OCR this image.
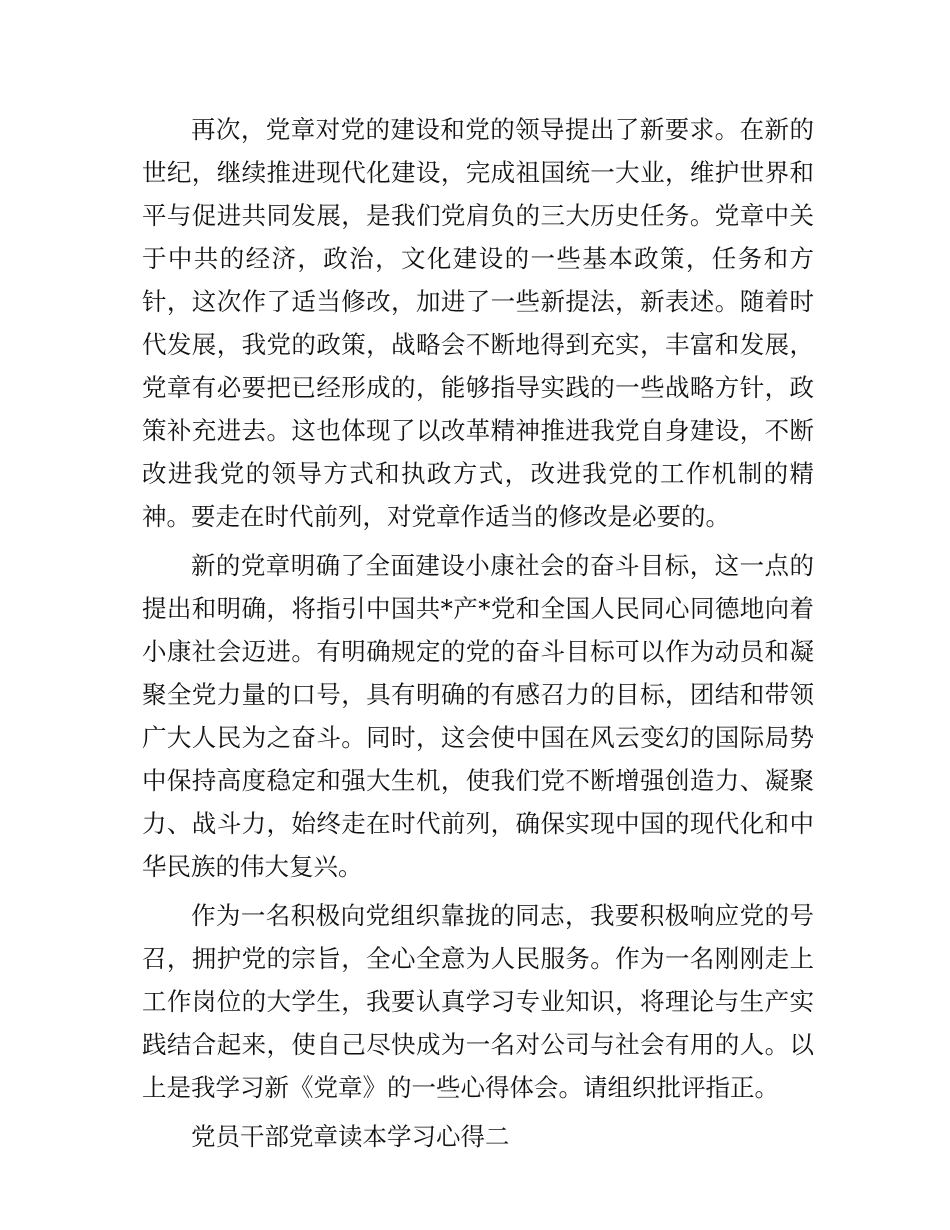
再次，党章对党的建设和党的领导提出了新要求。在新的
世纪，继续推进现代化建设，完成祖国统一大业，维护世界和
平与促进共同发展，是我们党肩负的三大历史任务。党章中关
于中共的经济，政治，文化建设的一些基本政策，任务和方
针，这次作了适当修改，加进了一些新提法，新表述。随着时
代发展，我党的政策，战略会不断地得到充实，丰富和发展，
党章有必要把已经形成的，能够指导实践的一些战略方针，政
策补充进去。这也体现了以改革精神推进我党自身建设，不断
改进我党的领导方式和执政方式，改进我党的工作机制的精
神。要走在时代前列，对党章作适当的修改是必要的。
新的党章明确了全面建设小康社会的奋斗目标，这一点的
提出和明确，将指引中国共*产*党和全国人民同心同德地向着
小康社会迈进。有明确规定的党的奋斗目标可以作为动员和凝
聚全党力量的口号，具有明确的有感召力的目标，团结和带领
广大人民为之奋斗。同时，这会使中国在风云变幻的国际局势
中保持高度稳定和强大生机，使我们党不断增强创造力、凝聚
力、战斗力，始终走在时代前列，确保实现中国的现代化和中
华民族的伟大复兴。
作为一名积极向党组织靠拢的同志，我要积极响应党的号
召，拥护党的宗旨，全心全意为人民服务。作为一名刚刚走上
工作岗位的大学生，我要认真学习专业知识，将理论与生产实
践结合起来，使自己尽快成为一名对公司与社会有用的人。以
上是我学习新《党章》的一些心得体会。请组织批评指正。
党员干部党章读本学习心得二
